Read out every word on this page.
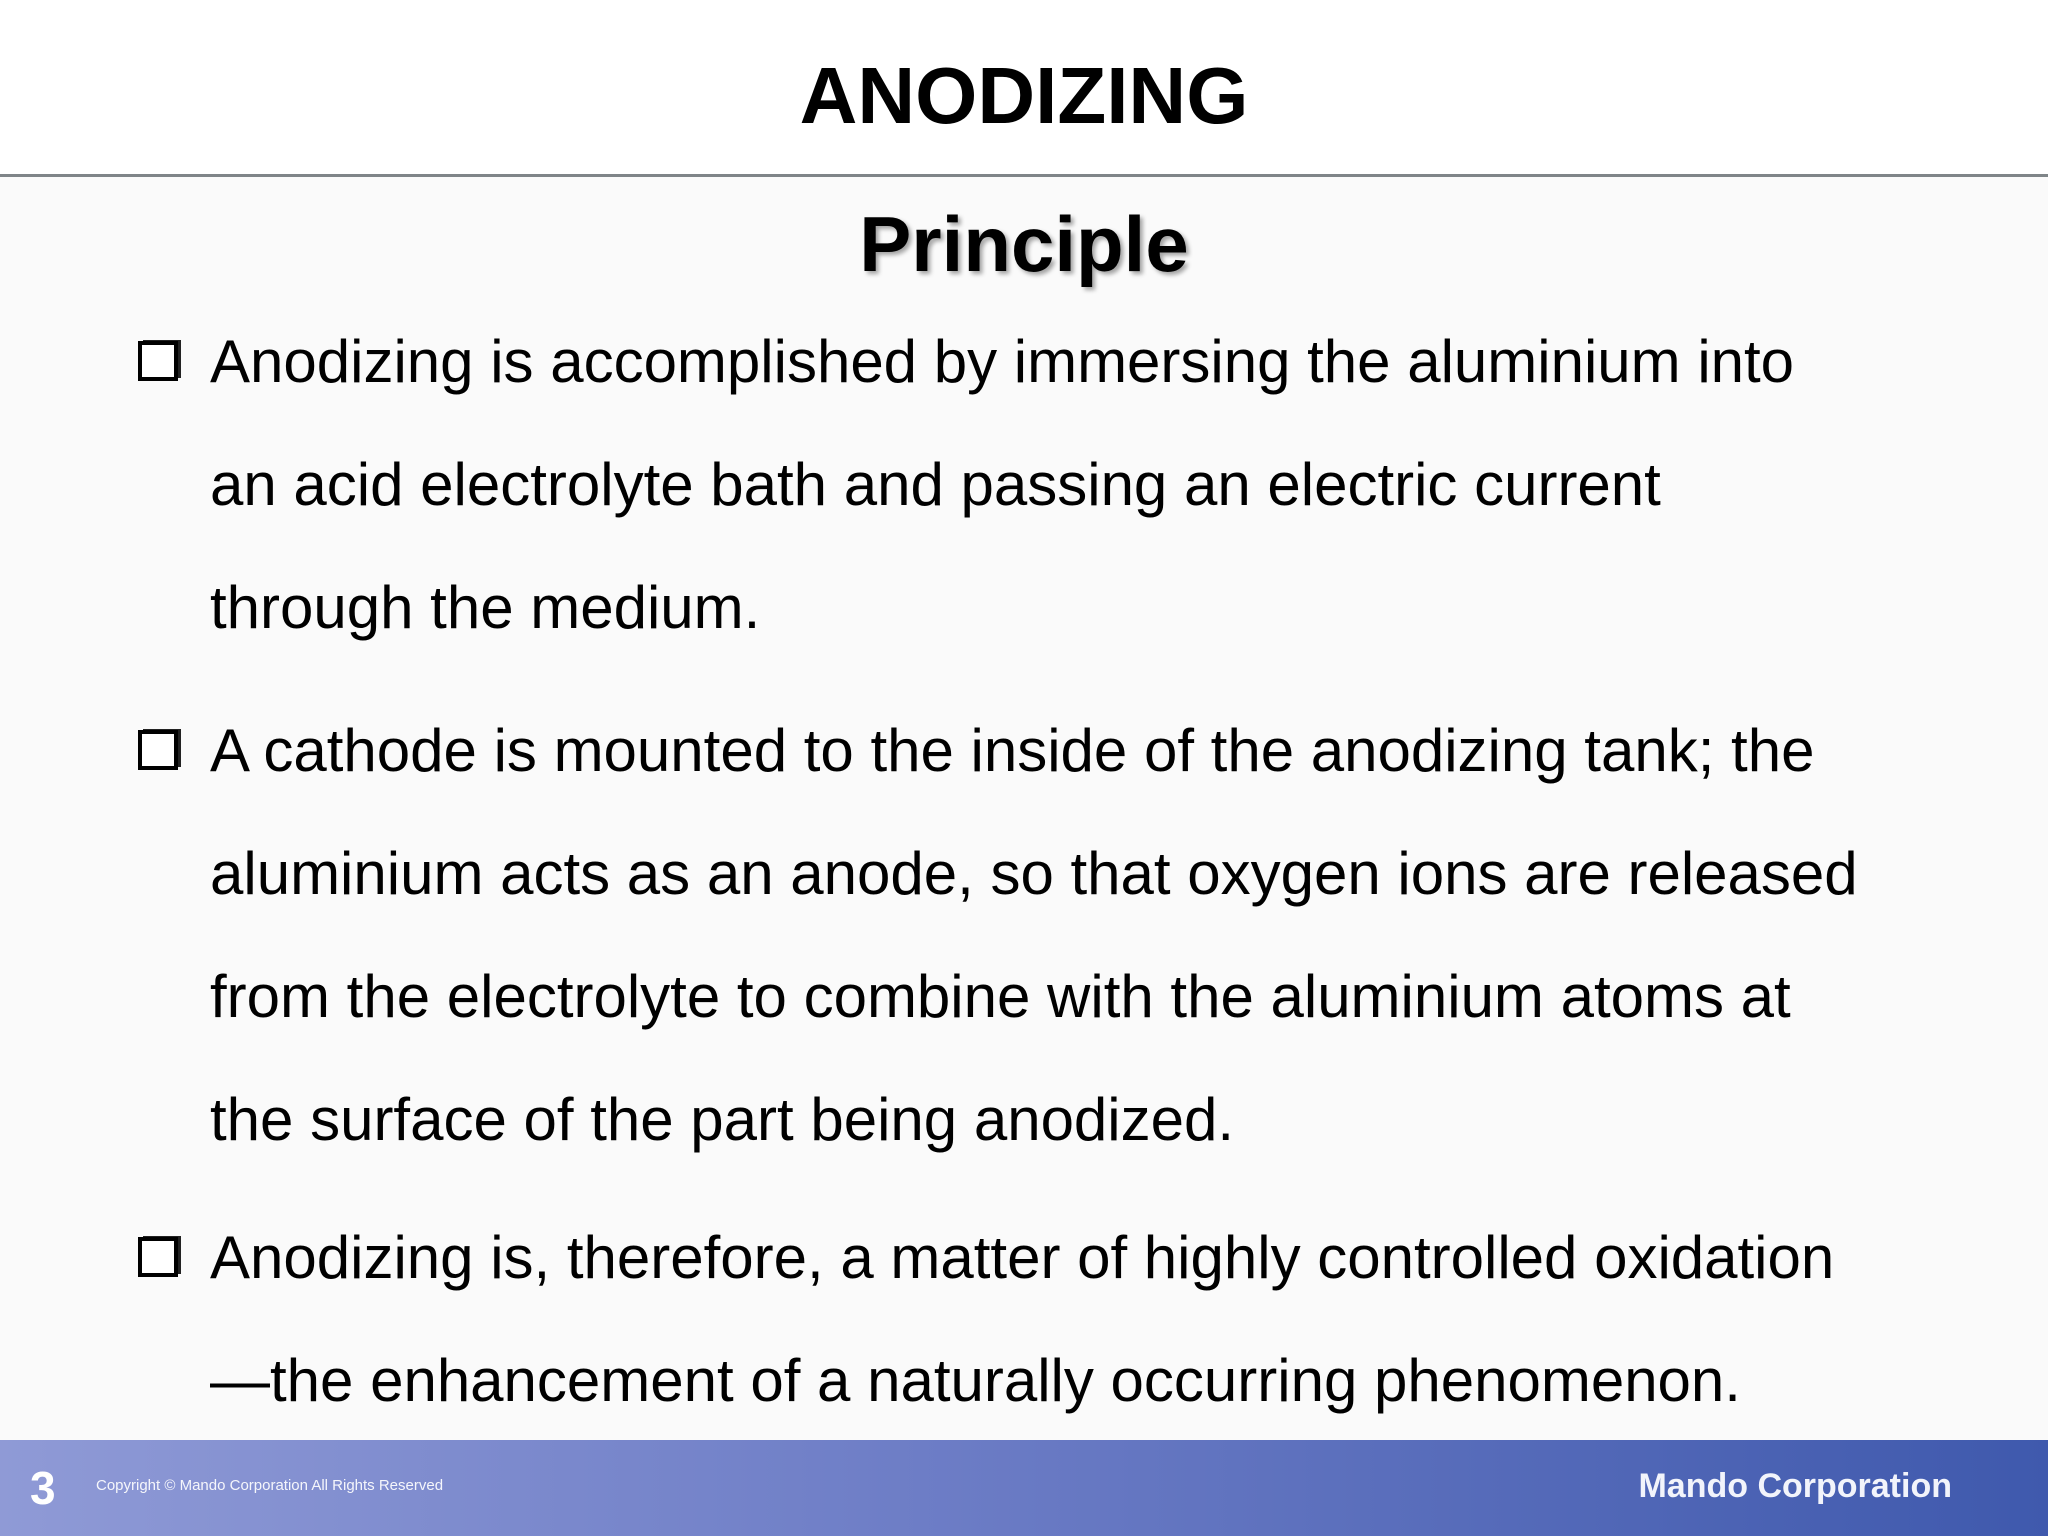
ANODIZING
Principle

Anodizing is accomplished by immersing the aluminium into
an acid electrolyte bath and passing an electric current
through the medium.

A cathode is mounted to the inside of the anodizing tank; the
aluminium acts as an anode, so that oxygen ions are released
from the electrolyte to combine with the aluminium atoms at
the surface of the part being anodized.

Anodizing is, therefore, a matter of highly controlled oxidation
—the enhancement of a naturally occurring phenomenon.

3	Copyright © Mando Corporation All Rights Reserved	Mando Corporation
